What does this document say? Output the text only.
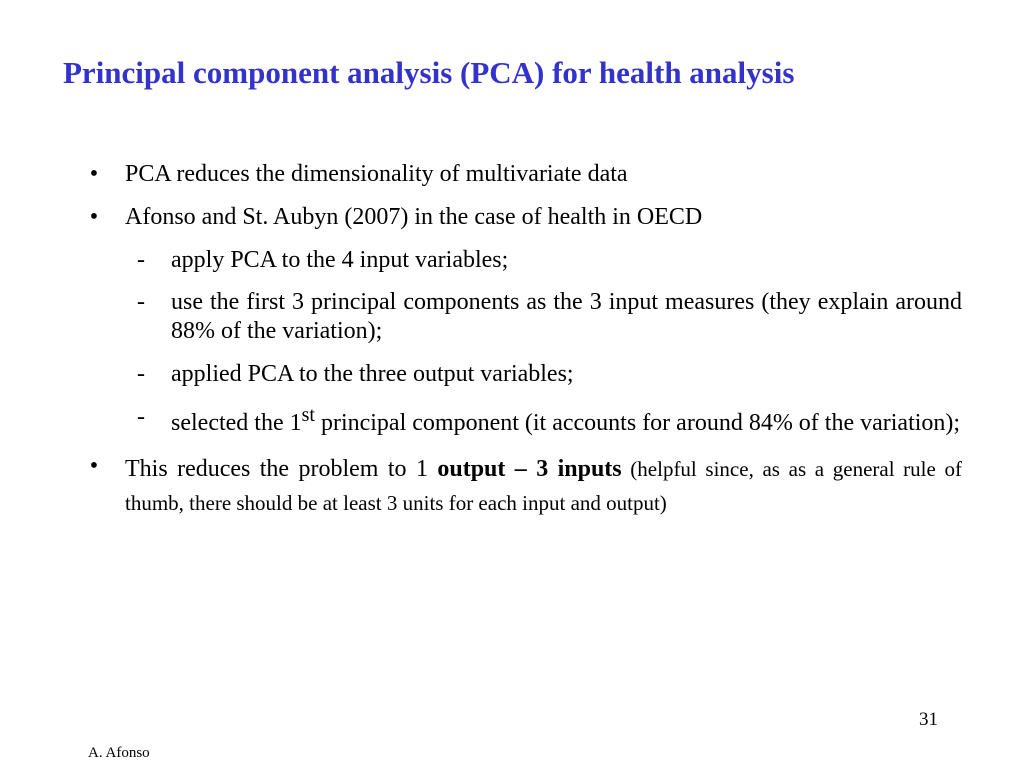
Principal component analysis (PCA) for health analysis
• PCA reduces the dimensionality of multivariate data
• Afonso and St. Aubyn (2007) in the case of health in OECD
- apply PCA to the 4 input variables;
- use the first 3 principal components as the 3 input measures (they explain around 88% of the variation);
- applied PCA to the three output variables;
- selected the 1st principal component (it accounts for around 84% of the variation);
• This reduces the problem to 1 output – 3 inputs (helpful since, as as a general rule of thumb, there should be at least 3 units for each input and output)
31
A. Afonso
